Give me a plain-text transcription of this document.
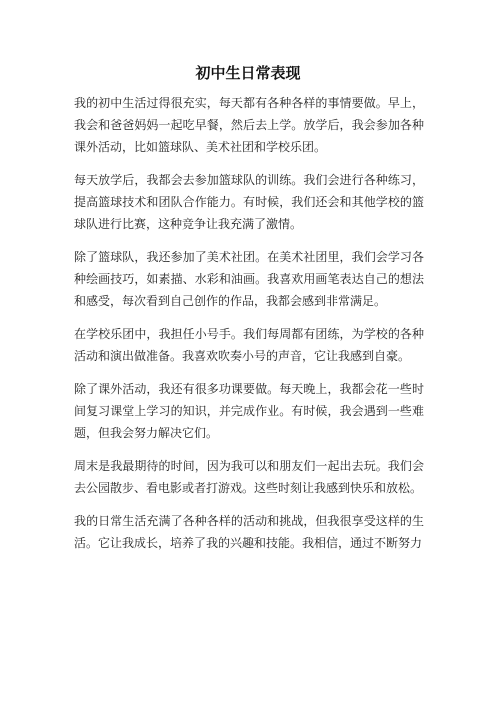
初中生日常表现

我的初中生活过得很充实，每天都有各种各样的事情要做。早上，我会和爸爸妈妈一起吃早餐，然后去上学。放学后，我会参加各种课外活动，比如篮球队、美术社团和学校乐团。

每天放学后，我都会去参加篮球队的训练。我们会进行各种练习，提高篮球技术和团队合作能力。有时候，我们还会和其他学校的篮球队进行比赛，这种竞争让我充满了激情。

除了篮球队，我还参加了美术社团。在美术社团里，我们会学习各种绘画技巧，如素描、水彩和油画。我喜欢用画笔表达自己的想法和感受，每次看到自己创作的作品，我都会感到非常满足。

在学校乐团中，我担任小号手。我们每周都有团练，为学校的各种活动和演出做准备。我喜欢吹奏小号的声音，它让我感到自豪。

除了课外活动，我还有很多功课要做。每天晚上，我都会花一些时间复习课堂上学习的知识，并完成作业。有时候，我会遇到一些难题，但我会努力解决它们。

周末是我最期待的时间，因为我可以和朋友们一起出去玩。我们会去公园散步、看电影或者打游戏。这些时刻让我感到快乐和放松。

我的日常生活充满了各种各样的活动和挑战，但我很享受这样的生活。它让我成长，培养了我的兴趣和技能。我相信，通过不断努力
